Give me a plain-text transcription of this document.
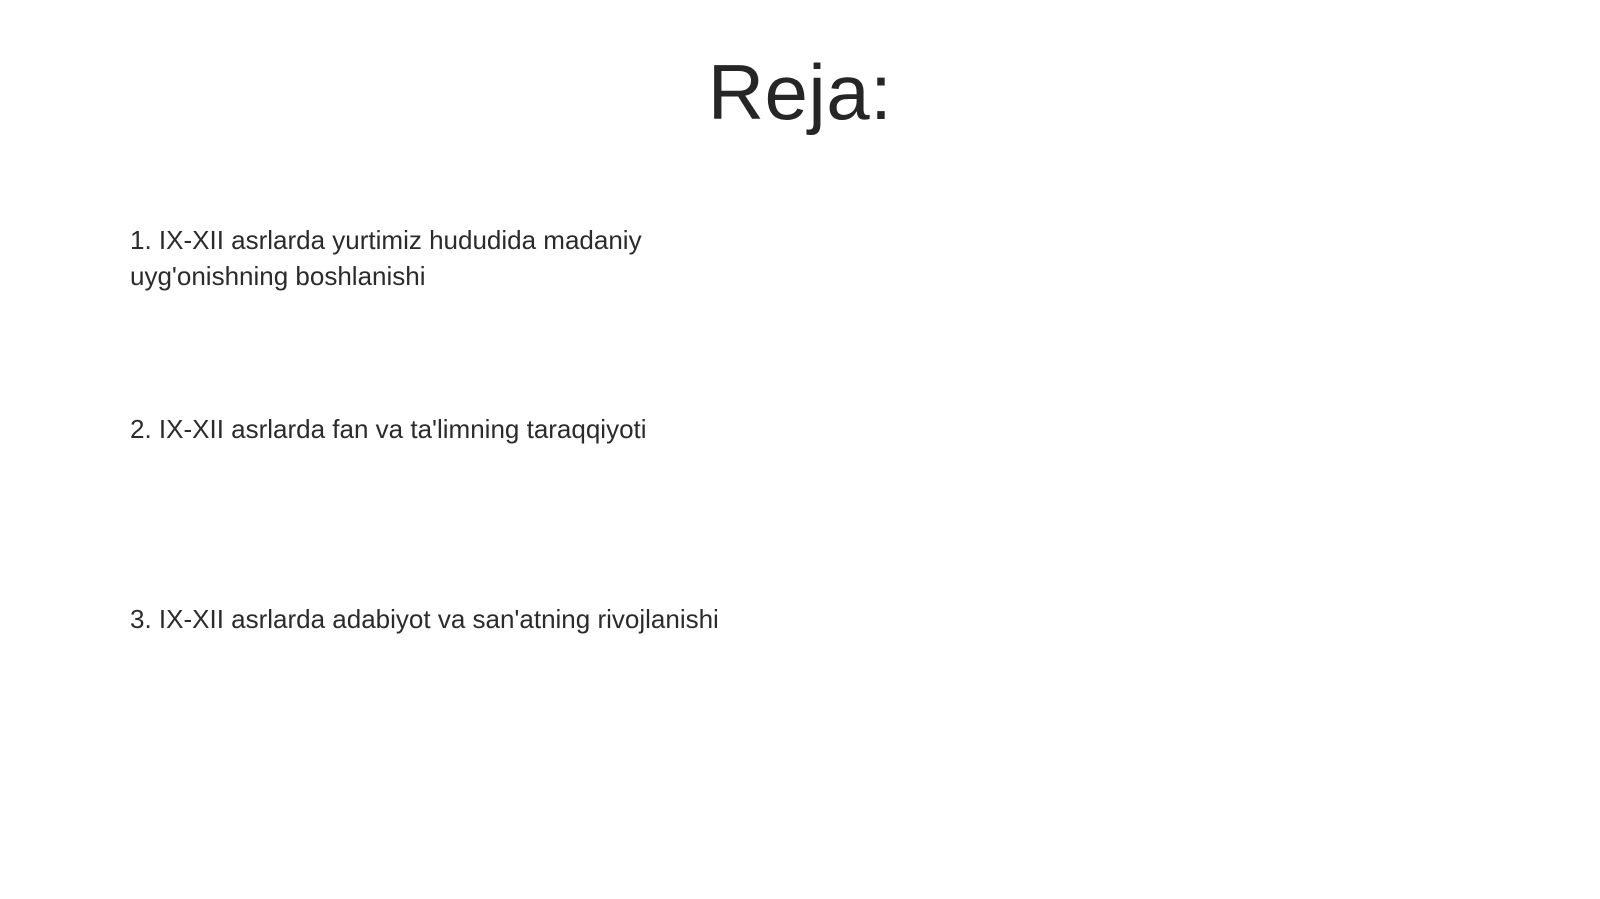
Reja:
1. IX-XII asrlarda yurtimiz hududida madaniy uyg'onishning boshlanishi
2. IX-XII asrlarda fan va ta'limning taraqqiyoti
3. IX-XII asrlarda adabiyot va san'atning rivojlanishi
